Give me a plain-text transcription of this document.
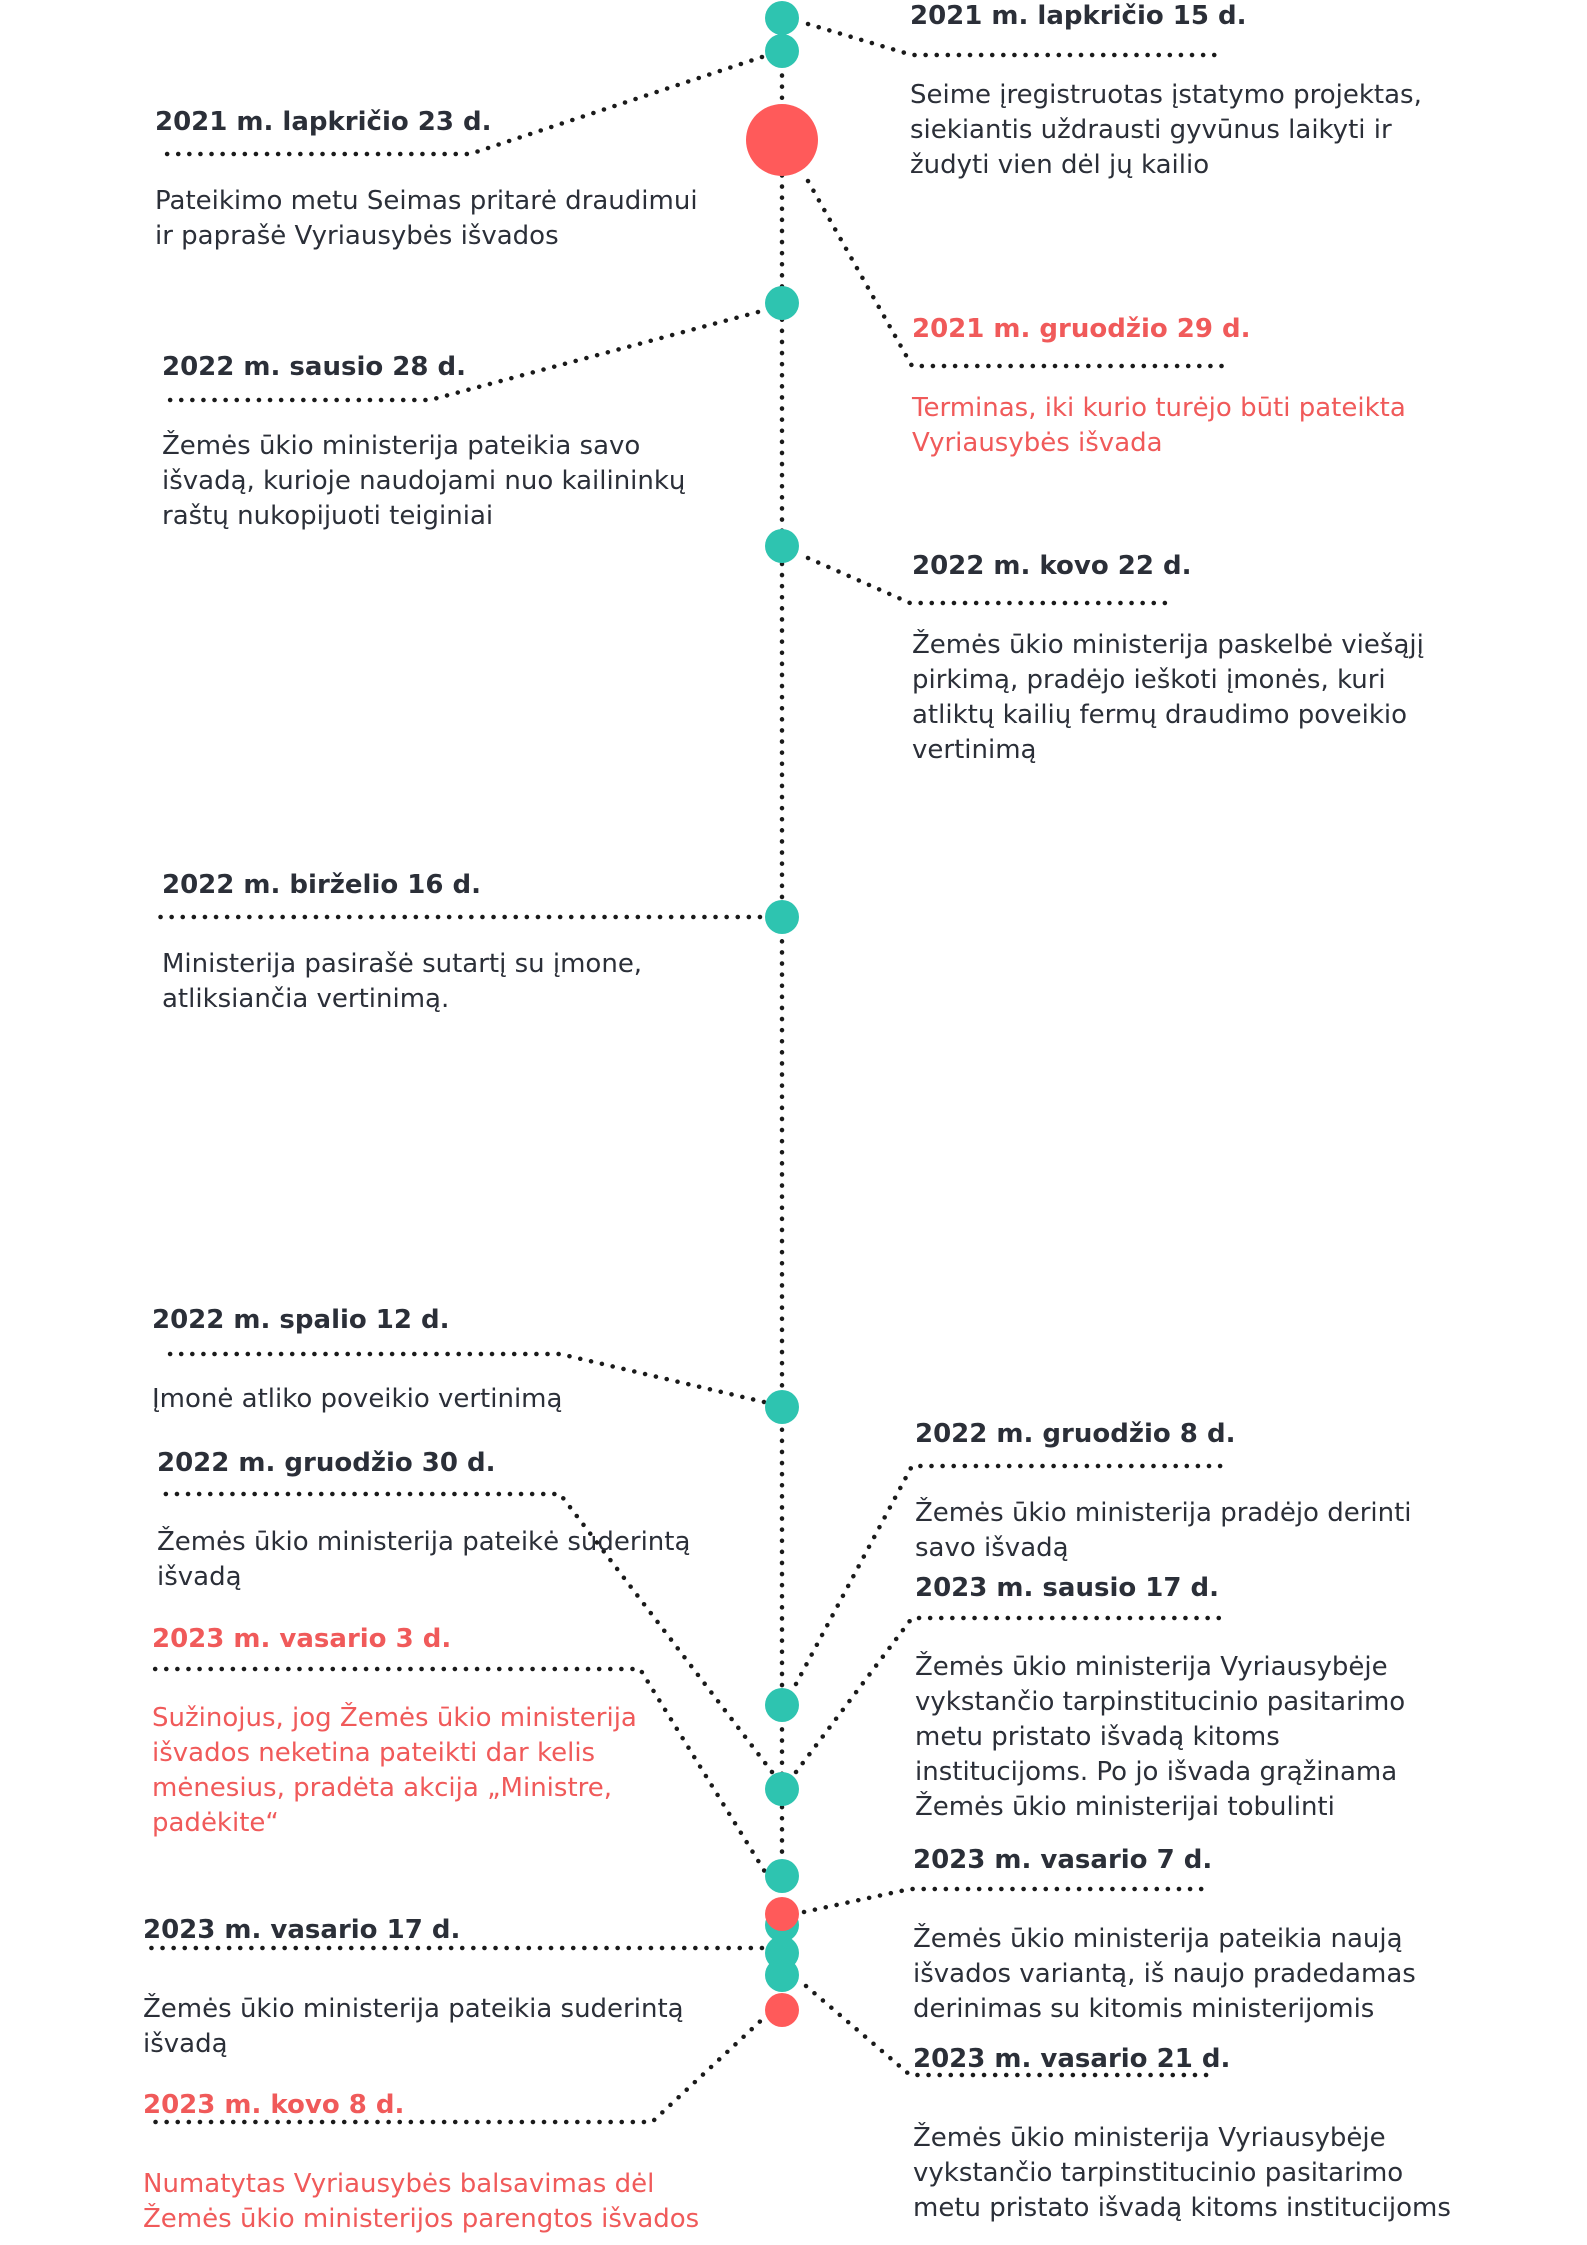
2021 m. lapkričio 15 d.

Seime įregistruotas įstatymo projektas, siekiantis uždrausti gyvūnus laikyti ir žudyti vien dėl jų kailio

2021 m. lapkričio 23 d.

Pateikimo metu Seimas pritarė draudimui ir paprašė Vyriausybės išvados

2021 m. gruodžio 29 d.

Terminas, iki kurio turėjo būti pateikta Vyriausybės išvada

2022 m. sausio 28 d.

Žemės ūkio ministerija pateikia savo išvadą, kurioje naudojami nuo kailininkų raštų nukopijuoti teiginiai

2022 m. kovo 22 d.

Žemės ūkio ministerija paskelbė viešąjį pirkimą, pradėjo ieškoti įmonės, kuri atliktų kailių fermų draudimo poveikio vertinimą

2022 m. birželio 16 d.

Ministerija pasirašė sutartį su įmone, atliksiančia vertinimą.

2022 m. spalio 12 d.

Įmonė atliko poveikio vertinimą

2022 m. gruodžio 8 d.

Žemės ūkio ministerija pradėjo derinti savo išvadą

2022 m. gruodžio 30 d.

Žemės ūkio ministerija pateikė suderintą išvadą	2023 m. sausio 17 d.

Žemės ūkio ministerija Vyriausybėje vykstančio tarpinstitucinio pasitarimo metu pristato išvadą kitoms institucijoms. Po jo išvada grąžinama Žemės ūkio ministerijai tobulinti

2023 m. vasario 3 d.

Sužinojus, jog Žemės ūkio ministerija išvados neketina pateikti dar kelis mėnesius, pradėta akcija „Ministre, padėkite“

2023 m. vasario 7 d.

Žemės ūkio ministerija pateikia naują išvados variantą, iš naujo pradedamas derinimas su kitomis ministerijomis

2023 m. vasario 17 d.

Žemės ūkio ministerija pateikia suderintą išvadą	2023 m. vasario 21 d.

Žemės ūkio ministerija Vyriausybėje vykstančio tarpinstitucinio pasitarimo metu pristato išvadą kitoms institucijoms

2023 m. kovo 8 d.

Numatytas Vyriausybės balsavimas dėl Žemės ūkio ministerijos parengtos išvados
